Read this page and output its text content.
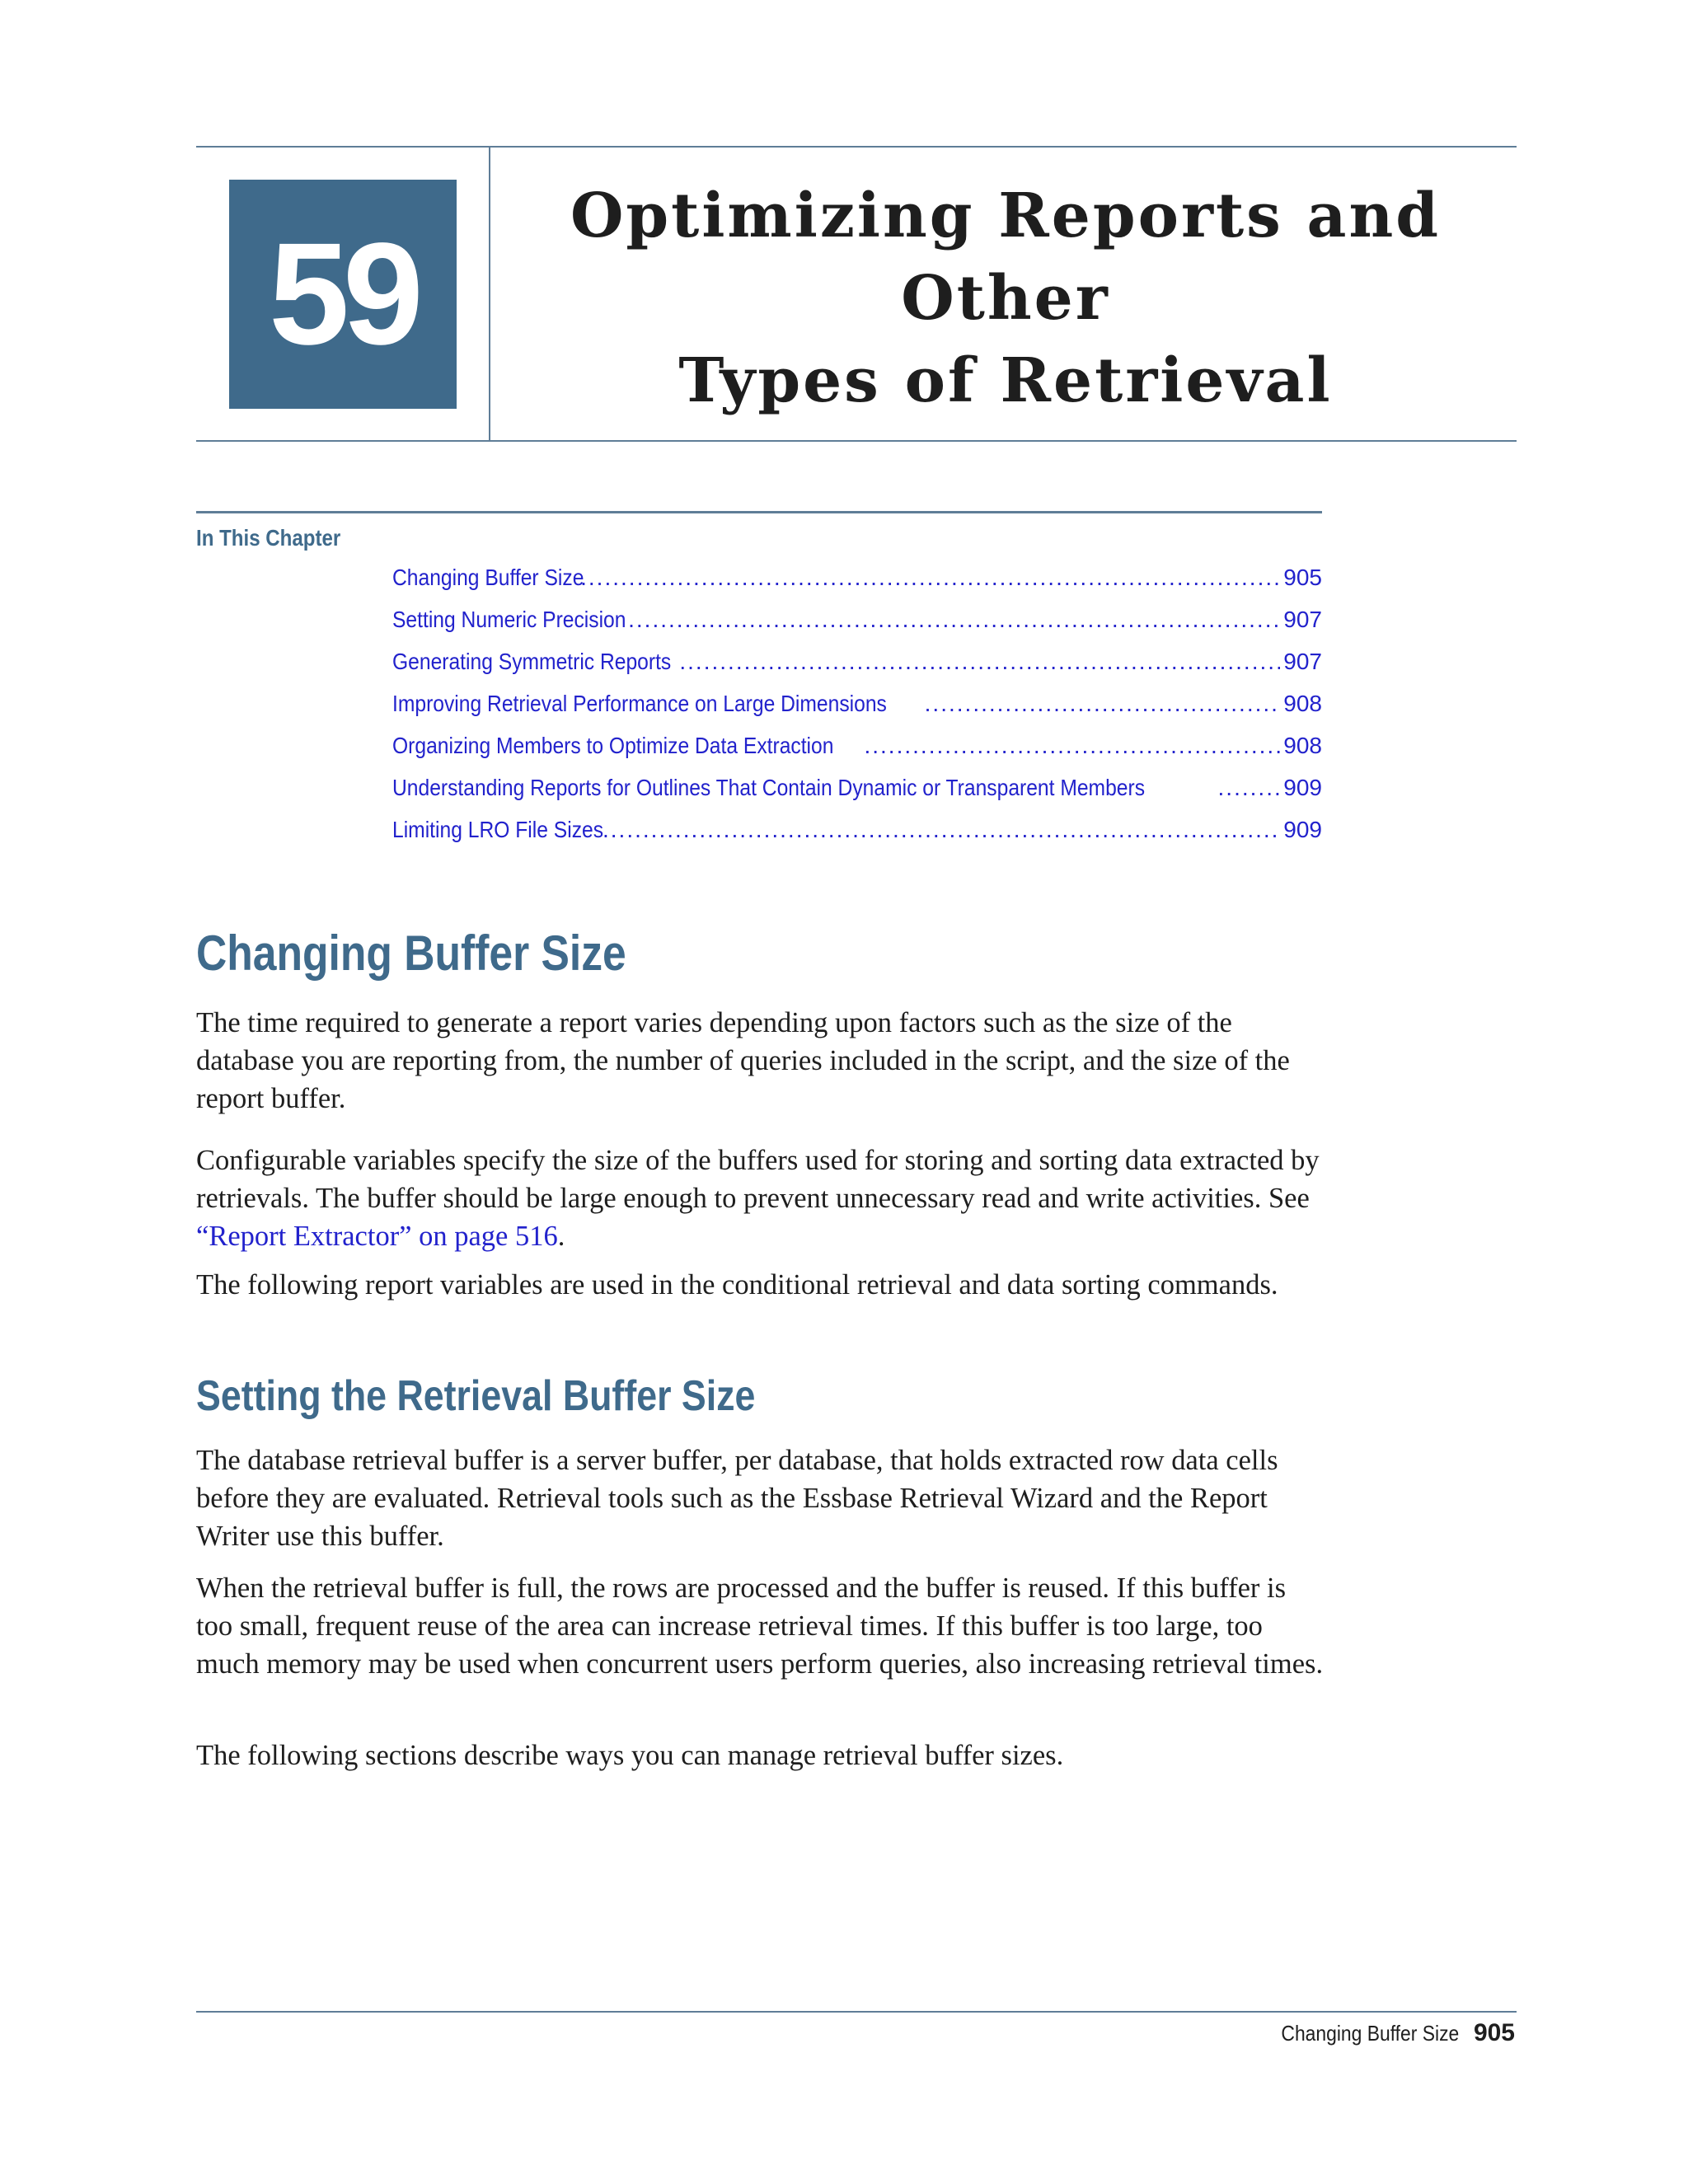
59	Optimizing Reports and Other
Types of Retrieval
In This Chapter
Changing Buffer Size .....	905
Setting Numeric Precision .....	907
Generating Symmetric Reports .....	907
Improving Retrieval Performance on Large Dimensions .....	908
Organizing Members to Optimize Data Extraction .....	908
Understanding Reports for Outlines That Contain Dynamic or Transparent Members .....	909
Limiting LRO File Sizes .....	909
Changing Buffer Size

The time required to generate a report varies depending upon factors such as the size of the database you are reporting from, the number of queries included in the script, and the size of the report buffer.

Configurable variables specify the size of the buffers used for storing and sorting data extracted by retrievals. The buffer should be large enough to prevent unnecessary read and write activities. See “Report Extractor” on page 516.

The following report variables are used in the conditional retrieval and data sorting commands.

Setting the Retrieval Buffer Size

The database retrieval buffer is a server buffer, per database, that holds extracted row data cells before they are evaluated. Retrieval tools such as the Essbase Retrieval Wizard and the Report Writer use this buffer.

When the retrieval buffer is full, the rows are processed and the buffer is reused. If this buffer is too small, frequent reuse of the area can increase retrieval times. If this buffer is too large, too much memory may be used when concurrent users perform queries, also increasing retrieval times.

The following sections describe ways you can manage retrieval buffer sizes.

Changing Buffer Size 905
